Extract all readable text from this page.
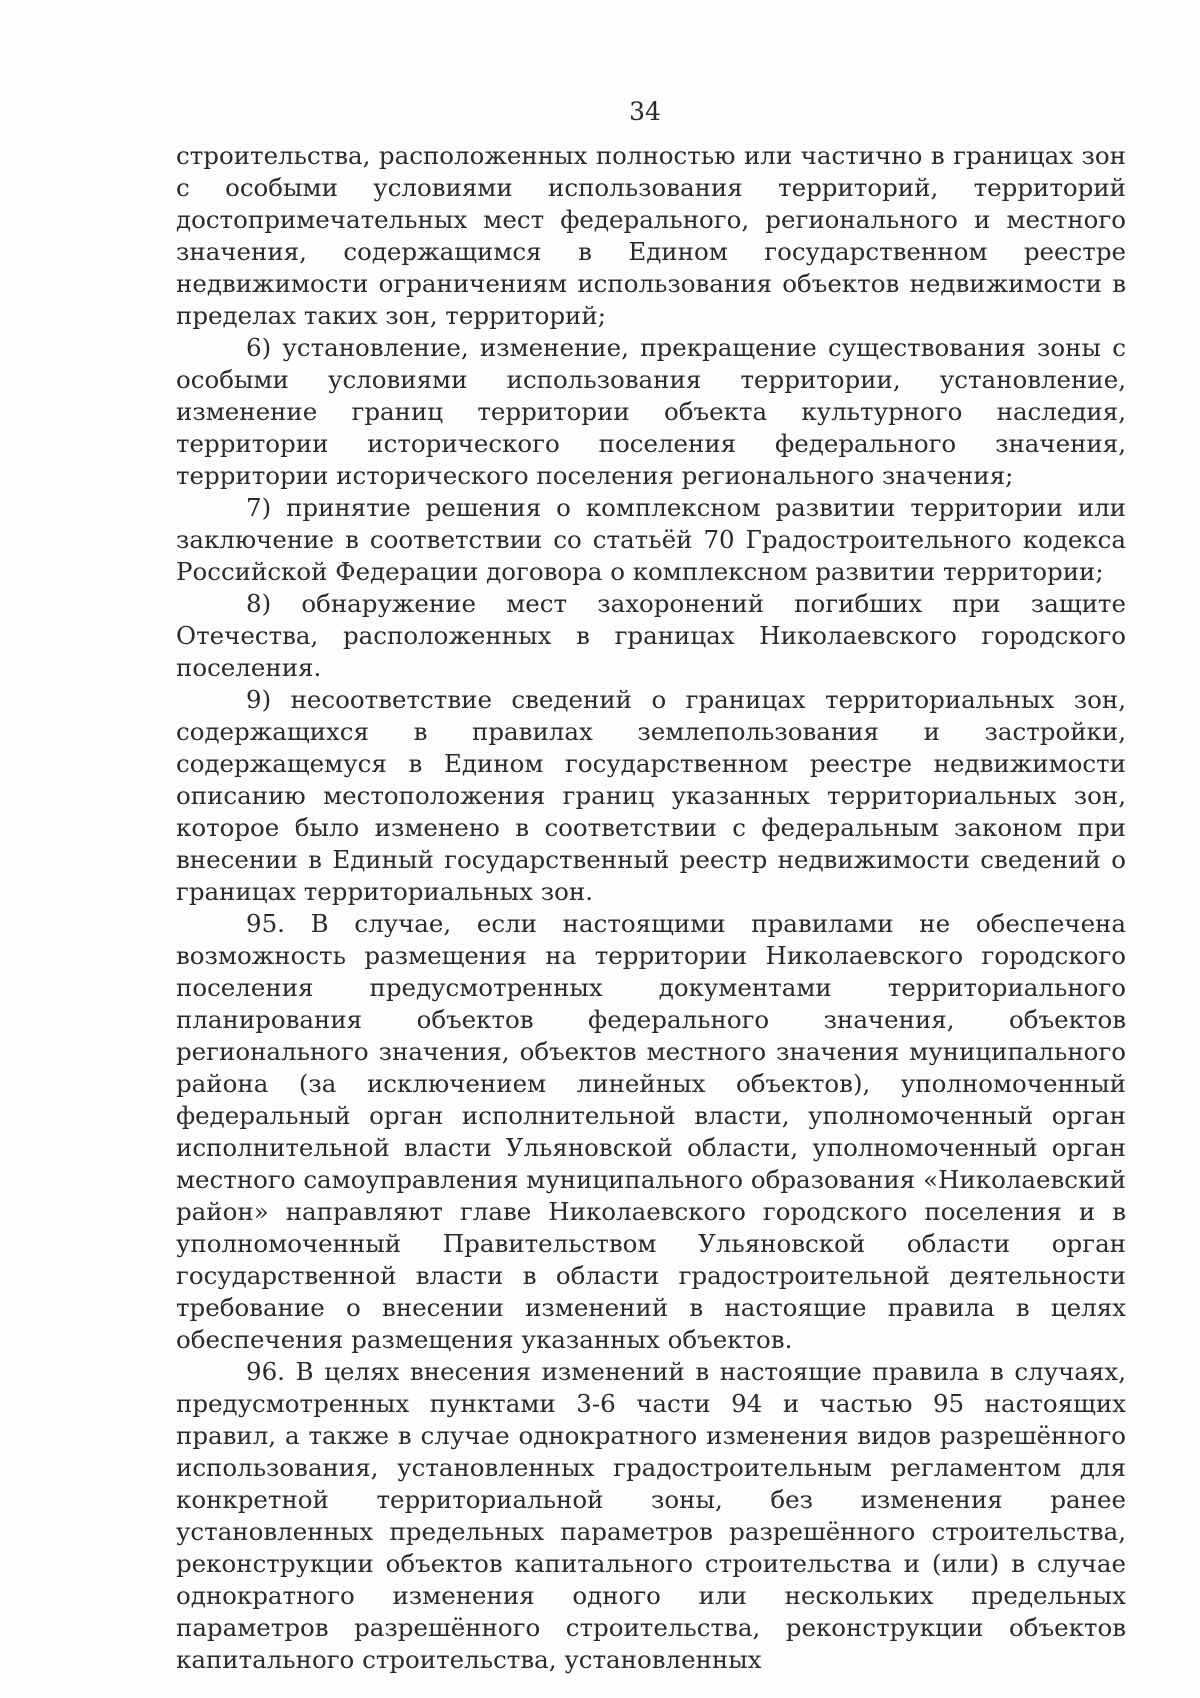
34

строительства, расположенных полностью или частично в границах зон с особыми условиями использования территорий, территорий достопримечательных мест федерального, регионального и местного значения, содержащимся в Едином государственном реестре недвижимости ограничениям использования объектов недвижимости в пределах таких зон, территорий;

6) установление, изменение, прекращение существования зоны с особыми условиями использования территории, установление, изменение границ территории объекта культурного наследия, территории исторического поселения федерального значения, территории исторического поселения регионального значения;

7) принятие решения о комплексном развитии территории или заключение в соответствии со статьёй 70 Градостроительного кодекса Российской Федерации договора о комплексном развитии территории;

8) обнаружение мест захоронений погибших при защите Отечества, расположенных в границах Николаевского городского поселения.

9) несоответствие сведений о границах территориальных зон, содержащихся в правилах землепользования и застройки, содержащемуся в Едином государственном реестре недвижимости описанию местоположения границ указанных территориальных зон, которое было изменено в соответствии с федеральным законом при внесении в Единый государственный реестр недвижимости сведений о границах территориальных зон.

95. В случае, если настоящими правилами не обеспечена возможность размещения на территории Николаевского городского поселения предусмотренных документами территориального планирования объектов федерального значения, объектов регионального значения, объектов местного значения муниципального района (за исключением линейных объектов), уполномоченный федеральный орган исполнительной власти, уполномоченный орган исполнительной власти Ульяновской области, уполномоченный орган местного самоуправления муниципального образования «Николаевский район» направляют главе Николаевского городского поселения и в уполномоченный Правительством Ульяновской области орган государственной власти в области градостроительной деятельности требование о внесении изменений в настоящие правила в целях обеспечения размещения указанных объектов.

96. В целях внесения изменений в настоящие правила в случаях, предусмотренных пунктами 3-6 части 94 и частью 95 настоящих правил, а также в случае однократного изменения видов разрешённого использования, установленных градостроительным регламентом для конкретной территориальной зоны, без изменения ранее установленных предельных параметров разрешённого строительства, реконструкции объектов капитального строительства и (или) в случае однократного изменения одного или нескольких предельных параметров разрешённого строительства, реконструкции объектов капитального строительства, установленных
